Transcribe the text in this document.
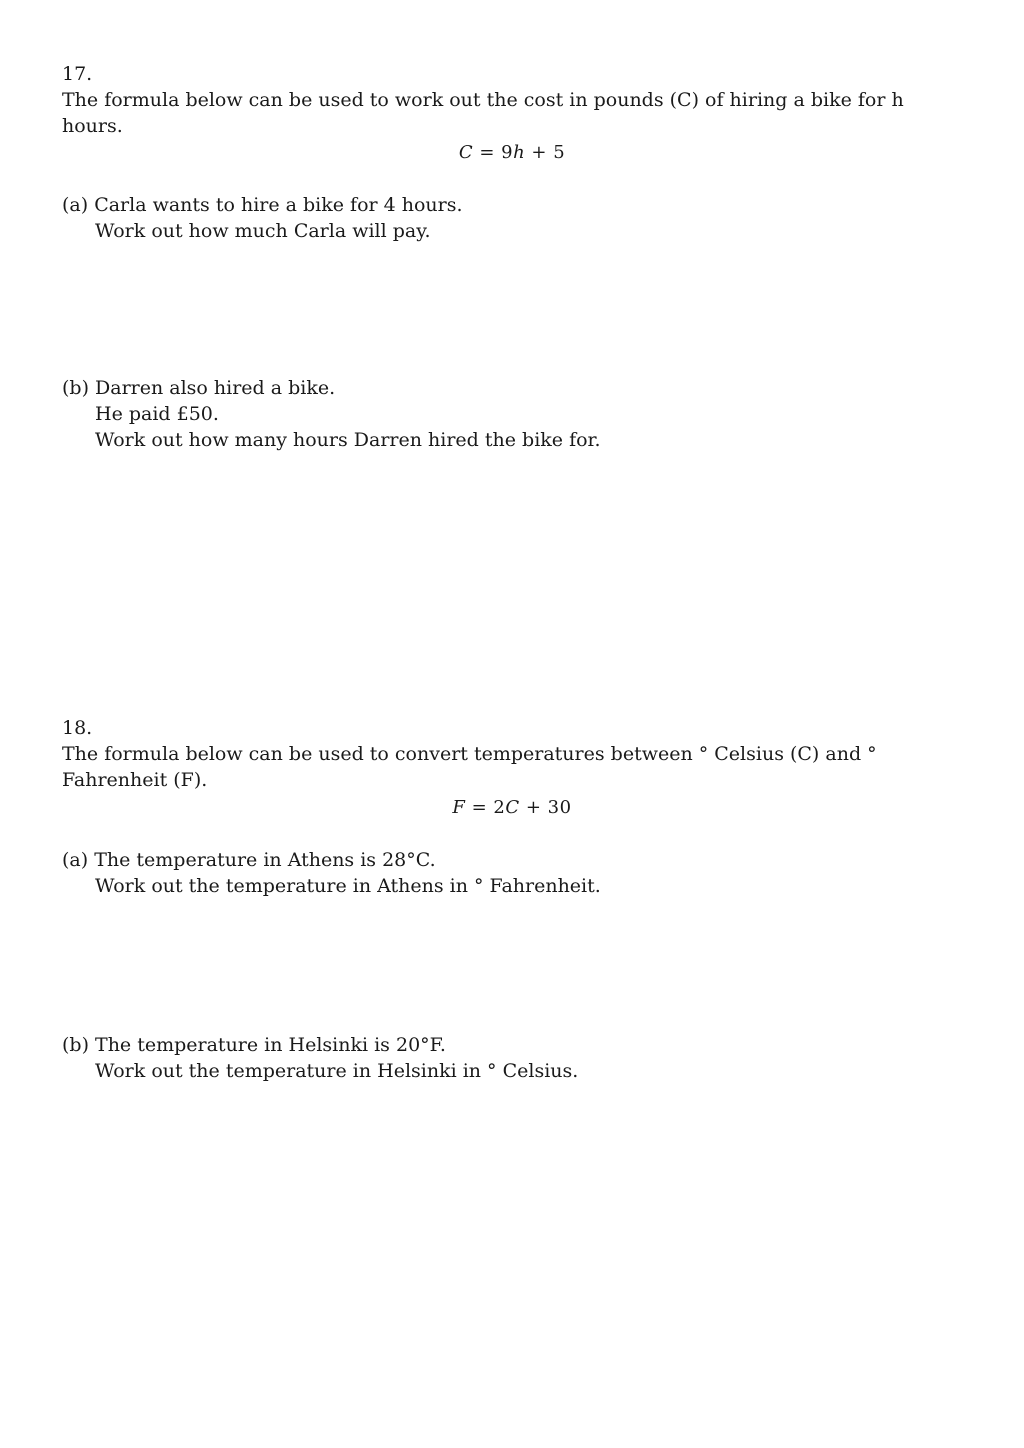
17.

The formula below can be used to work out the cost in pounds (C) of hiring a bike for h

hours.

C = 9h + 5

(a) Carla wants to hire a bike for 4 hours.

Work out how much Carla will pay.

(b) Darren also hired a bike.

He paid £50.

Work out how many hours Darren hired the bike for.

18.

The formula below can be used to convert temperatures between ° Celsius (C) and °

Fahrenheit (F).

F = 2C + 30

(a) The temperature in Athens is 28°C.

Work out the temperature in Athens in ° Fahrenheit.

(b) The temperature in Helsinki is 20°F.

Work out the temperature in Helsinki in ° Celsius.
